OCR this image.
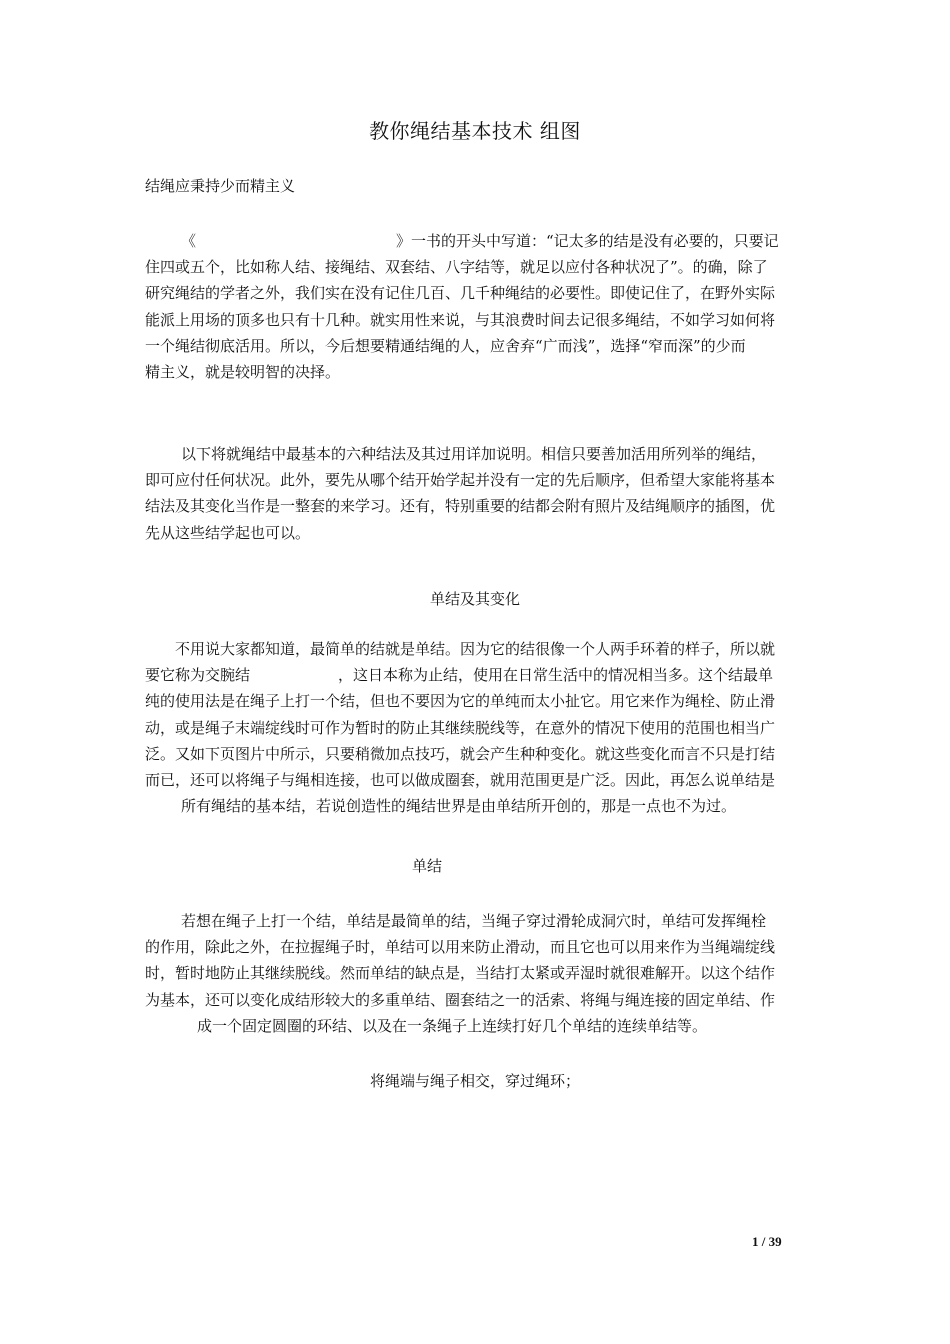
教你绳结基本技术 组图
结绳应秉持少而精主义
《	》一书的开头中写道：“记太多的结是没有必要的，只要记
住四或五个，比如称人结、接绳结、双套结、八字结等，就足以应付各种状况了”。的确，除了
研究绳结的学者之外，我们实在没有记住几百、几千种绳结的必要性。即使记住了，在野外实际
能派上用场的顶多也只有十几种。就实用性来说，与其浪费时间去记很多绳结，不如学习如何将
一个绳结彻底活用。所以，今后想要精通结绳的人，应舍弃“广而浅”，选择“窄而深”的少而
精主义，就是较明智的决择。
以下将就绳结中最基本的六种结法及其过用详加说明。相信只要善加活用所列举的绳结，
即可应付任何状况。此外，要先从哪个结开始学起并没有一定的先后顺序，但希望大家能将基本
结法及其变化当作是一整套的来学习。还有，特别重要的结都会附有照片及结绳顺序的插图，优
先从这些结学起也可以。
单结及其变化
不用说大家都知道，最简单的结就是单结。因为它的结很像一个人两手环着的样子，所以就
要它称为交腕结	，这日本称为止结，使用在日常生活中的情况相当多。这个结最单
纯的使用法是在绳子上打一个结，但也不要因为它的单纯而太小扯它。用它来作为绳栓、防止滑
动，或是绳子末端绽线时可作为暂时的防止其继续脱线等，在意外的情况下使用的范围也相当广
泛。又如下页图片中所示，只要稍微加点技巧，就会产生种种变化。就这些变化而言不只是打结
而已，还可以将绳子与绳相连接，也可以做成圈套，就用范围更是广泛。因此，再怎么说单结是
所有绳结的基本结，若说创造性的绳结世界是由单结所开创的，那是一点也不为过。
单结
若想在绳子上打一个结，单结是最简单的结，当绳子穿过滑轮成洞穴时，单结可发挥绳栓
的作用，除此之外，在拉握绳子时，单结可以用来防止滑动，而且它也可以用来作为当绳端绽线
时，暂时地防止其继续脱线。然而单结的缺点是，当结打太紧或弄湿时就很难解开。以这个结作
为基本，还可以变化成结形较大的多重单结、圈套结之一的活索、将绳与绳连接的固定单结、作
成一个固定圆圈的环结、以及在一条绳子上连续打好几个单结的连续单结等。
将绳端与绳子相交，穿过绳环；
1 / 39
